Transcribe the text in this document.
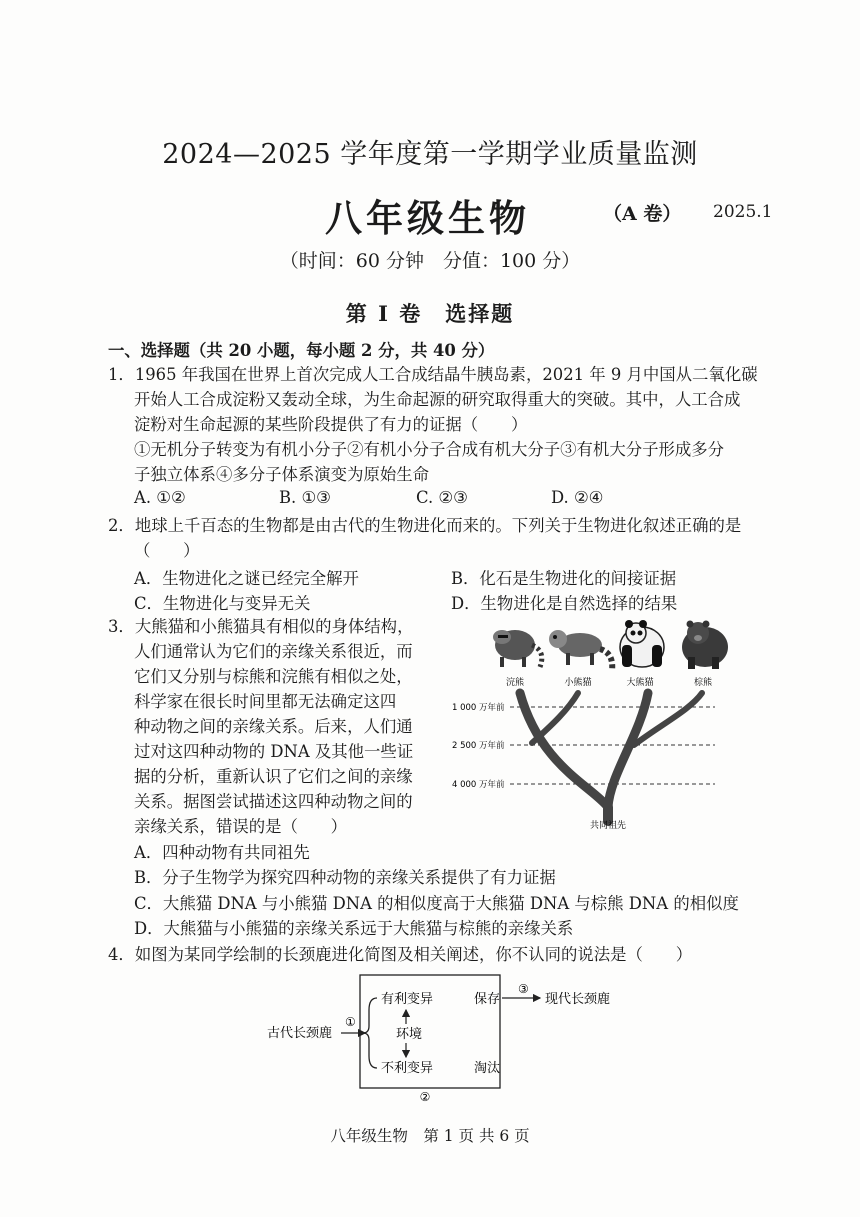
2024—2025 学年度第一学期学业质量监测
八年级生物	（A 卷） 2025.1
（时间：60 分钟　分值：100 分）
第 I 卷　选择题
一、选择题（共 20 小题，每小题 2 分，共 40 分）
1．1965 年我国在世界上首次完成人工合成结晶牛胰岛素，2021 年 9 月中国从二氧化碳
开始人工合成淀粉又轰动全球，为生命起源的研究取得重大的突破。其中，人工合成
淀粉对生命起源的某些阶段提供了有力的证据（　　）
①无机分子转变为有机小分子②有机小分子合成有机大分子③有机大分子形成多分
子独立体系④多分子体系演变为原始生命
A. ①②	B. ①③	C. ②③	D. ②④
2．地球上千百态的生物都是由古代的生物进化而来的。下列关于生物进化叙述正确的是
（　　）
A．生物进化之谜已经完全解开	B．化石是生物进化的间接证据
C．生物进化与变异无关	D．生物进化是自然选择的结果
3．大熊猫和小熊猫具有相似的身体结构，
人们通常认为它们的亲缘关系很近，而
它们又分别与棕熊和浣熊有相似之处，
科学家在很长时间里都无法确定这四
种动物之间的亲缘关系。后来，人们通
过对这四种动物的 DNA 及其他一些证
据的分析，重新认识了它们之间的亲缘
关系。据图尝试描述这四种动物之间的
亲缘关系，错误的是（　　）
浣熊	小熊猫	大熊猫	棕熊
1 000 万年前
2 500 万年前
4 000 万年前
共同祖先
A．四种动物有共同祖先
B．分子生物学为探究四种动物的亲缘关系提供了有力证据
C．大熊猫 DNA 与小熊猫 DNA 的相似度高于大熊猫 DNA 与棕熊 DNA 的相似度
D．大熊猫与小熊猫的亲缘关系远于大熊猫与棕熊的亲缘关系
4．如图为某同学绘制的长颈鹿进化简图及相关阐述，你不认同的说法是（　　）
古代长颈鹿
①
有利变异
环境
不利变异
保存
淘汰
③
现代长颈鹿
②
八年级生物　第 1 页 共 6 页
